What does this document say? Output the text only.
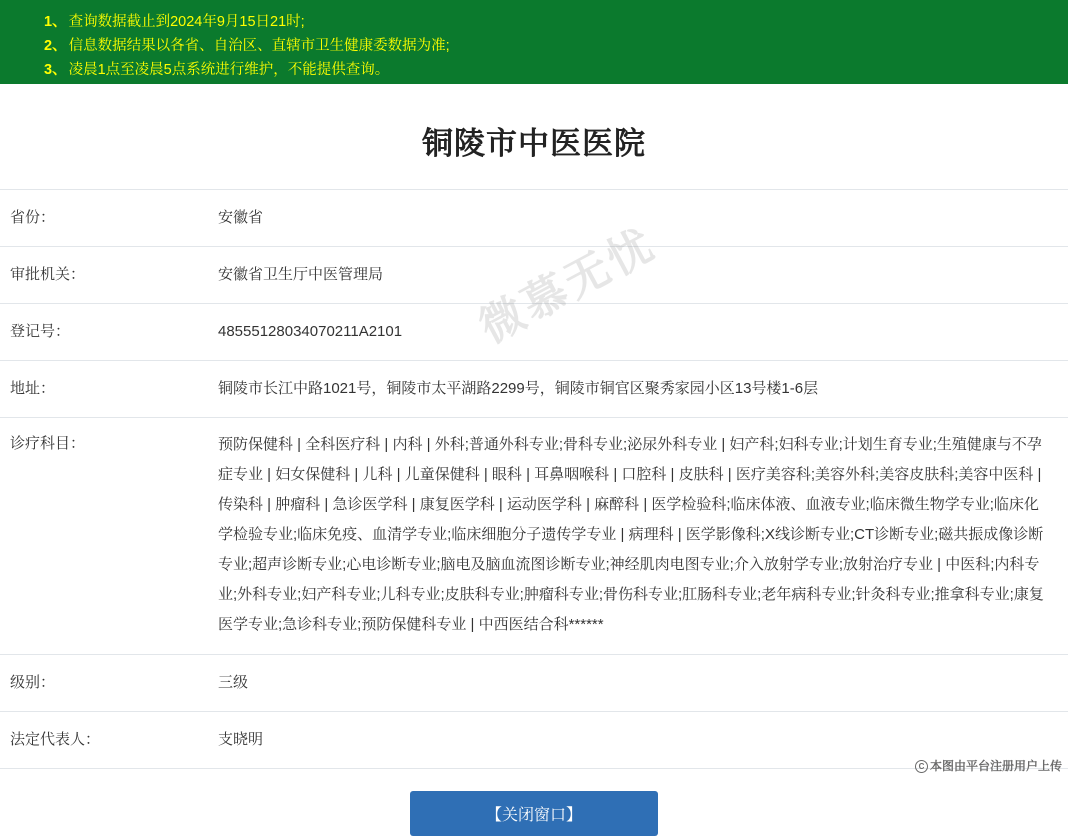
1、 查询数据截止到2024年9月15日21时;
2、 信息数据结果以各省、自治区、直辖市卫生健康委数据为准;
3、 凌晨1点至凌晨5点系统进行维护，不能提供查询。
铜陵市中医医院
省份：	安徽省
审批机关：	安徽省卫生厅中医管理局
登记号：	48555128034070211A2101
地址：	铜陵市长江中路1021号，铜陵市太平湖路2299号，铜陵市铜官区聚秀家园小区13号楼1-6层
诊疗科目：	预防保健科 | 全科医疗科 | 内科 | 外科;普通外科专业;骨科专业;泌尿外科专业 | 妇产科;妇科专业;计划生育专业;生殖健康与不孕症专业 | 妇女保健科 | 儿科 | 儿童保健科 | 眼科 | 耳鼻咽喉科 | 口腔科 | 皮肤科 | 医疗美容科;美容外科;美容皮肤科;美容中医科 | 传染科 | 肿瘤科 | 急诊医学科 | 康复医学科 | 运动医学科 | 麻醉科 | 医学检验科;临床体液、血液专业;临床微生物学专业;临床化学检验专业;临床免疫、血清学专业;临床细胞分子遗传学专业 | 病理科 | 医学影像科;X线诊断专业;CT诊断专业;磁共振成像诊断专业;超声诊断专业;心电诊断专业;脑电及脑血流图诊断专业;神经肌肉电图专业;介入放射学专业;放射治疗专业 | 中医科;内科专业;外科专业;妇产科专业;儿科专业;皮肤科专业;肿瘤科专业;骨伤科专业;肛肠科专业;老年病科专业;针灸科专业;推拿科专业;康复医学专业;急诊科专业;预防保健科专业 | 中西医结合科******
级别：	三级
法定代表人：	支晓明
【关闭窗口】
微慕无忧
C 本图由平台注册用户上传
